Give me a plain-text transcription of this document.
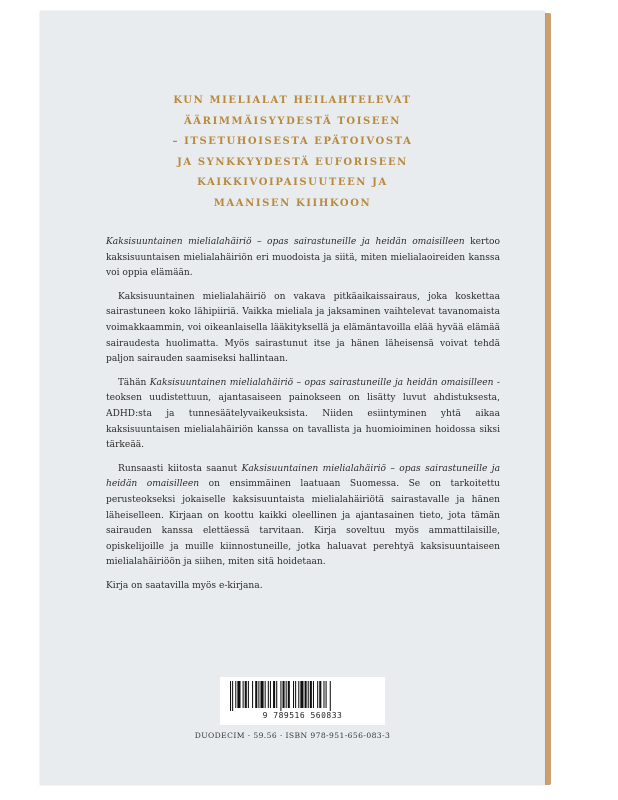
KUN MIELIALAT HEILAHTELEVAT
ÄÄRIMMÄISYYDESTÄ TOISEEN
– ITSETUHOISESTA EPÄTOIVOSTA
JA SYNKKYYDESTÄ EUFORISEEN
KAIKKIVOIPAISUUTEEN JA
MAANISEN KIIHKOON

Kaksisuuntainen mielialahäiriö – opas sairastuneille ja heidän omaisilleen kertoo kaksisuuntaisen mielialahäiriön eri muodoista ja siitä, miten mielialaoireiden kanssa voi oppia elämään.

Kaksisuuntainen mielialahäiriö on vakava pitkäaikaissairaus, joka koskettaa sairastuneen koko lähipiiriä. Vaikka mieliala ja jaksaminen vaihtelevat tavanomaista voimakkaammin, voi oikeanlaisella lääkityksellä ja elämäntavoilla elää hyvää elämää sairaudesta huolimatta. Myös sairastunut itse ja hänen läheisensä voivat tehdä paljon sairauden saamiseksi hallintaan.

Tähän Kaksisuuntainen mielialahäiriö – opas sairastuneille ja heidän omaisilleen -teoksen uudistettuun, ajantasaiseen painokseen on lisätty luvut ahdistuksesta, ADHD:sta ja tunnesäätelyvaikeuksista. Niiden esiintyminen yhtä aikaa kaksisuuntaisen mielialahäiriön kanssa on tavallista ja huomioiminen hoidossa siksi tärkeää.

Runsaasti kiitosta saanut Kaksisuuntainen mielialahäiriö – opas sairastuneille ja heidän omaisilleen on ensimmäinen laatuaan Suomessa. Se on tarkoitettu perusteokseksi jokaiselle kaksisuuntaista mielialahäiriötä sairastavalle ja hänen läheiselleen. Kirjaan on koottu kaikki oleellinen ja ajantasainen tieto, jota tämän sairauden kanssa elettäessä tarvitaan. Kirja soveltuu myös ammattilaisille, opiskelijoille ja muille kiinnostuneille, jotka haluavat perehtyä kaksisuuntaiseen mielialahäiriöön ja siihen, miten sitä hoidetaan.

Kirja on saatavilla myös e-kirjana.

9 789516 560833
DUODECIM · 59.56 · ISBN 978-951-656-083-3
